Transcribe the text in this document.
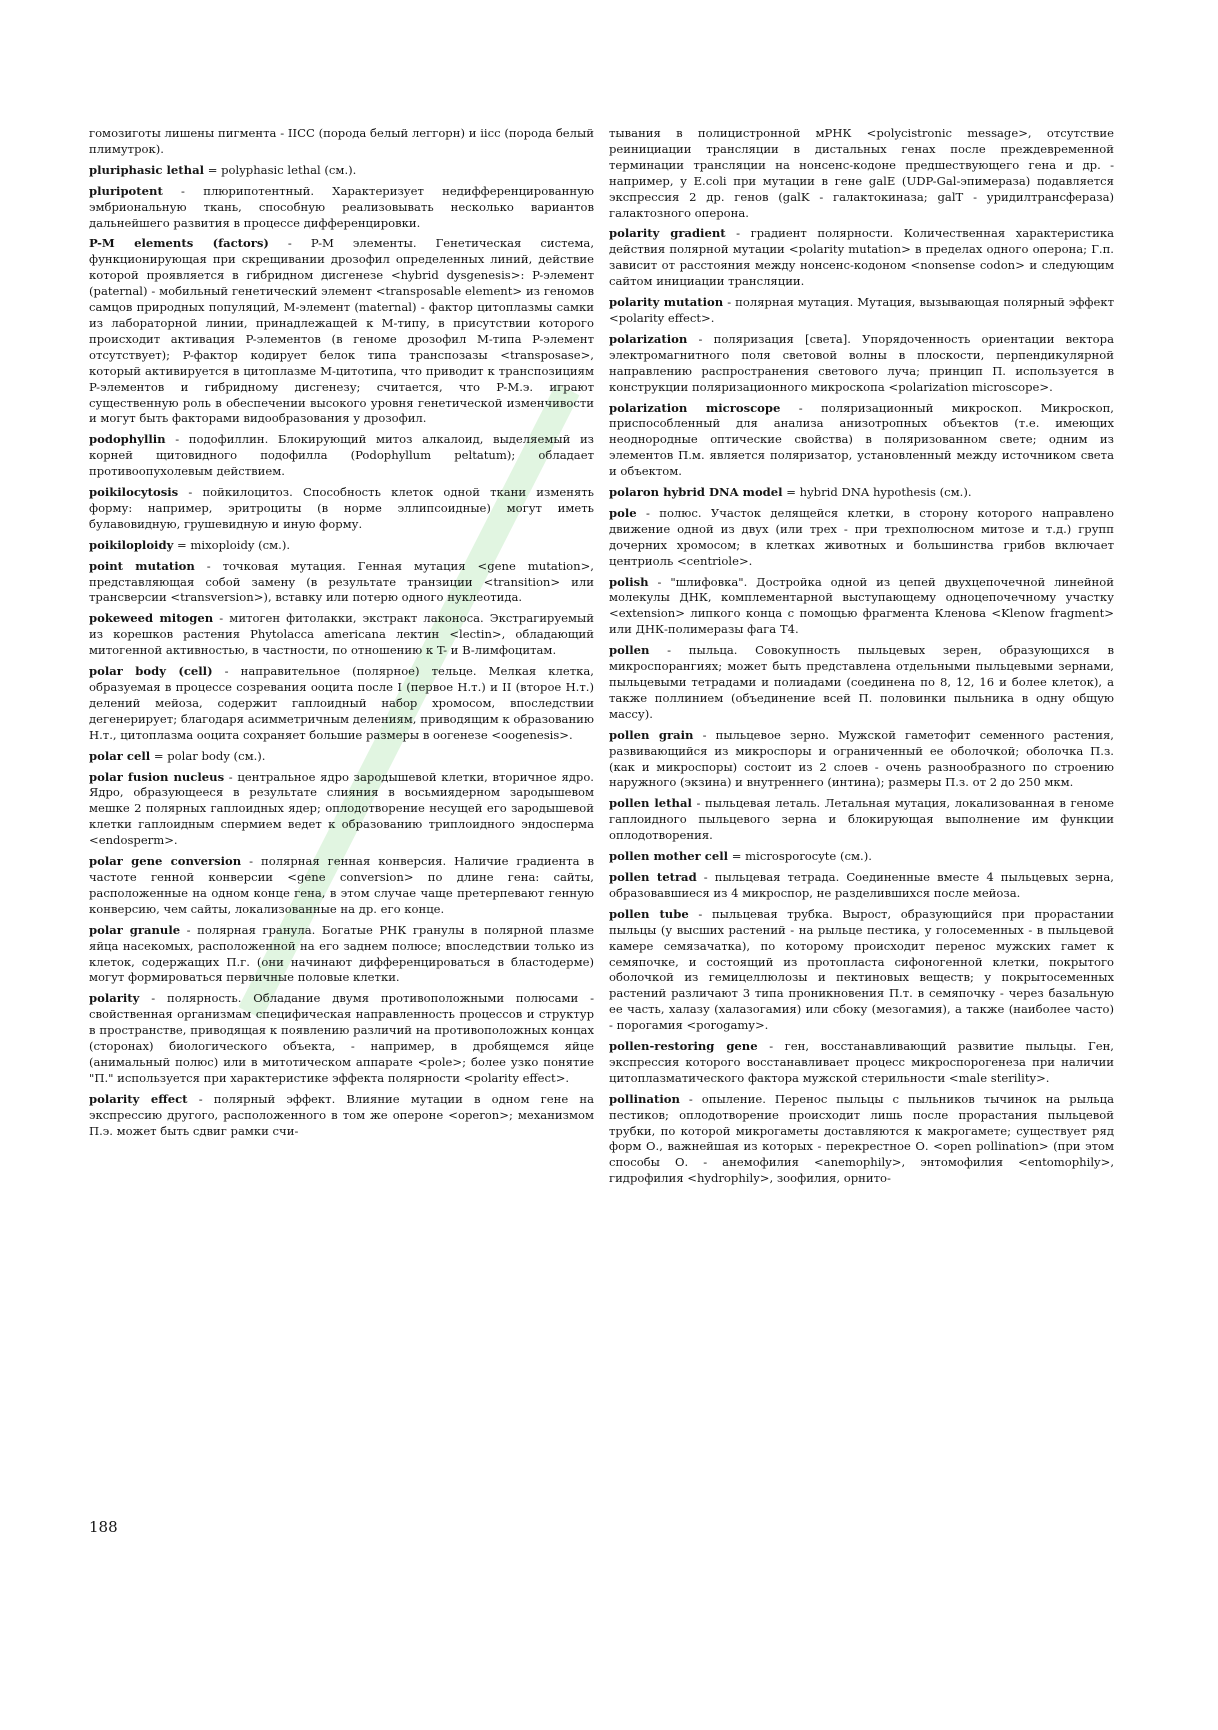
гомозиготы лишены пигмента - IICC (порода белый леггорн) и iicc (порода белый плимутрок).

pluriphasic lethal = polyphasic lethal (см.).

pluripotent - плюрипотентный. Характеризует недифференцированную эмбриональную ткань, способную реализовывать несколько вариантов дальнейшего развития в процессе дифференцировки.

P-M elements (factors) - P-M элементы. Генетическая система, функционирующая при скрещивании дрозофил определенных линий, действие которой проявляется в гибридном дисгенезе <hybrid dysgenesis>: P-элемент (paternal) - мобильный генетический элемент <transposable element> из геномов самцов природных популяций, M-элемент (maternal) - фактор цитоплазмы самки из лабораторной линии, принадлежащей к M-типу, в присутствии которого происходит активация P-элементов (в геноме дрозофил M-типа P-элемент отсутствует); P-фактор кодирует белок типа транспозазы <transposase>, который активируется в цитоплазме M-цитотипа, что приводит к транспозициям P-элементов и гибридному дисгенезу; считается, что P-M.э. играют существенную роль в обеспечении высокого уровня генетической изменчивости и могут быть факторами видообразования у дрозофил.

podophyllin - подофиллин. Блокирующий митоз алкалоид, выделяемый из корней щитовидного подофилла (Podophyllum peltatum); обладает противоопухолевым действием.

poikilocytosis - пойкилоцитоз. Способность клеток одной ткани изменять форму: например, эритроциты (в норме эллипсоидные) могут иметь булавовидную, грушевидную и иную форму.

poikiloploidy = mixoploidy (см.).

point mutation - точковая мутация. Генная мутация <gene mutation>, представляющая собой замену (в результате транзиции <transition> или трансверсии <transversion>), вставку или потерю одного нуклеотида.

pokeweed mitogen - митоген фитолакки, экстракт лаконоса. Экстрагируемый из корешков растения Phytolacca americana лектин <lectin>, обладающий митогенной активностью, в частности, по отношению к T- и B-лимфоцитам.

polar body (cell) - направительное (полярное) тельце. Мелкая клетка, образуемая в процессе созревания ооцита после I (первое Н.т.) и II (второе Н.т.) делений мейоза, содержит гаплоидный набор хромосом, впоследствии дегенерирует; благодаря асимметричным делениям, приводящим к образованию Н.т., цитоплазма ооцита сохраняет большие размеры в оогенезе <oogenesis>.

polar cell = polar body (см.).

polar fusion nucleus - центральное ядро зародышевой клетки, вторичное ядро. Ядро, образующееся в результате слияния в восьмиядерном зародышевом мешке 2 полярных гаплоидных ядер; оплодотворение несущей его зародышевой клетки гаплоидным спермием ведет к образованию триплоидного эндосперма <endosperm>.

polar gene conversion - полярная генная конверсия. Наличие градиента в частоте генной конверсии <gene conversion> по длине гена: сайты, расположенные на одном конце гена, в этом случае чаще претерпевают генную конверсию, чем сайты, локализованные на др. его конце.

polar granule - полярная гранула. Богатые РНК гранулы в полярной плазме яйца насекомых, расположенной на его заднем полюсе; впоследствии только из клеток, содержащих П.г. (они начинают дифференцироваться в бластодерме) могут формироваться первичные половые клетки.

polarity - полярность. Обладание двумя противоположными полюсами - свойственная организмам специфическая направленность процессов и структур в пространстве, приводящая к появлению различий на противоположных концах (сторонах) биологического объекта, - например, в дробящемся яйце (анимальный полюс) или в митотическом аппарате <pole>; более узко понятие "П." используется при характеристике эффекта полярности <polarity effect>.

polarity effect - полярный эффект. Влияние мутации в одном гене на экспрессию другого, расположенного в том же опероне <operon>; механизмом П.э. может быть сдвиг рамки счи-

тывания в полицистронной мРНК <polycistronic message>, отсутствие реинициации трансляции в дистальных генах после преждевременной терминации трансляции на нонсенс-кодоне предшествующего гена и др. - например, у E.coli при мутации в гене galE (UDP-Gal-эпимераза) подавляется экспрессия 2 др. генов (galK - галактокиназа; galT - уридилтрансфераза) галактозного оперона.

polarity gradient - градиент полярности. Количественная характеристика действия полярной мутации <polarity mutation> в пределах одного оперона; Г.п. зависит от расстояния между нонсенс-кодоном <nonsense codon> и следующим сайтом инициации трансляции.

polarity mutation - полярная мутация. Мутация, вызывающая полярный эффект <polarity effect>.

polarization - поляризация [света]. Упорядоченность ориентации вектора электромагнитного поля световой волны в плоскости, перпендикулярной направлению распространения светового луча; принцип П. используется в конструкции поляризационного микроскопа <polarization microscope>.

polarization microscope - поляризационный микроскоп. Микроскоп, приспособленный для анализа анизотропных объектов (т.е. имеющих неоднородные оптические свойства) в поляризованном свете; одним из элементов П.м. является поляризатор, установленный между источником света и объектом.

polaron hybrid DNA model = hybrid DNA hypothesis (см.).

pole - полюс. Участок делящейся клетки, в сторону которого направлено движение одной из двух (или трех - при трехполюсном митозе и т.д.) групп дочерних хромосом; в клетках животных и большинства грибов включает центриоль <centriole>.

polish - "шлифовка". Достройка одной из цепей двухцепочечной линейной молекулы ДНК, комплементарной выступающему одноцепочечному участку <extension> липкого конца с помощью фрагмента Кленова <Klenow fragment> или ДНК-полимеразы фага T4.

pollen - пыльца. Совокупность пыльцевых зерен, образующихся в микроспорангиях; может быть представлена отдельными пыльцевыми зернами, пыльцевыми тетрадами и полиадами (соединена по 8, 12, 16 и более клеток), а также поллинием (объединение всей П. половинки пыльника в одну общую массу).

pollen grain - пыльцевое зерно. Мужской гаметофит семенного растения, развивающийся из микроспоры и ограниченный ее оболочкой; оболочка П.з. (как и микроспоры) состоит из 2 слоев - очень разнообразного по строению наружного (экзина) и внутреннего (интина); размеры П.з. от 2 до 250 мкм.

pollen lethal - пыльцевая леталь. Летальная мутация, локализованная в геноме гаплоидного пыльцевого зерна и блокирующая выполнение им функции оплодотворения.

pollen mother cell = microsporocyte (см.).

pollen tetrad - пыльцевая тетрада. Соединенные вместе 4 пыльцевых зерна, образовавшиеся из 4 микроспор, не разделившихся после мейоза.

pollen tube - пыльцевая трубка. Вырост, образующийся при прорастании пыльцы (у высших растений - на рыльце пестика, у голосеменных - в пыльцевой камере семязачатка), по которому происходит перенос мужских гамет к семяпочке, и состоящий из протопласта сифоногенной клетки, покрытого оболочкой из гемицеллюлозы и пектиновых веществ; у покрытосеменных растений различают 3 типа проникновения П.т. в семяпочку - через базальную ее часть, халазу (халазогамия) или сбоку (мезогамия), а также (наиболее часто) - порогамия <porogamy>.

pollen-restoring gene - ген, восстанавливающий развитие пыльцы. Ген, экспрессия которого восстанавливает процесс микроспорогенеза при наличии цитоплазматического фактора мужской стерильности <male sterility>.

pollination - опыление. Перенос пыльцы с пыльников тычинок на рыльца пестиков; оплодотворение происходит лишь после прорастания пыльцевой трубки, по которой микрогаметы доставляются к макрогамете; существует ряд форм О., важнейшая из которых - перекрестное О. <open pollination> (при этом способы О. - анемофилия <anemophily>, энтомофилия <entomophily>, гидрофилия <hydrophily>, зоофилия, орнито-

188
